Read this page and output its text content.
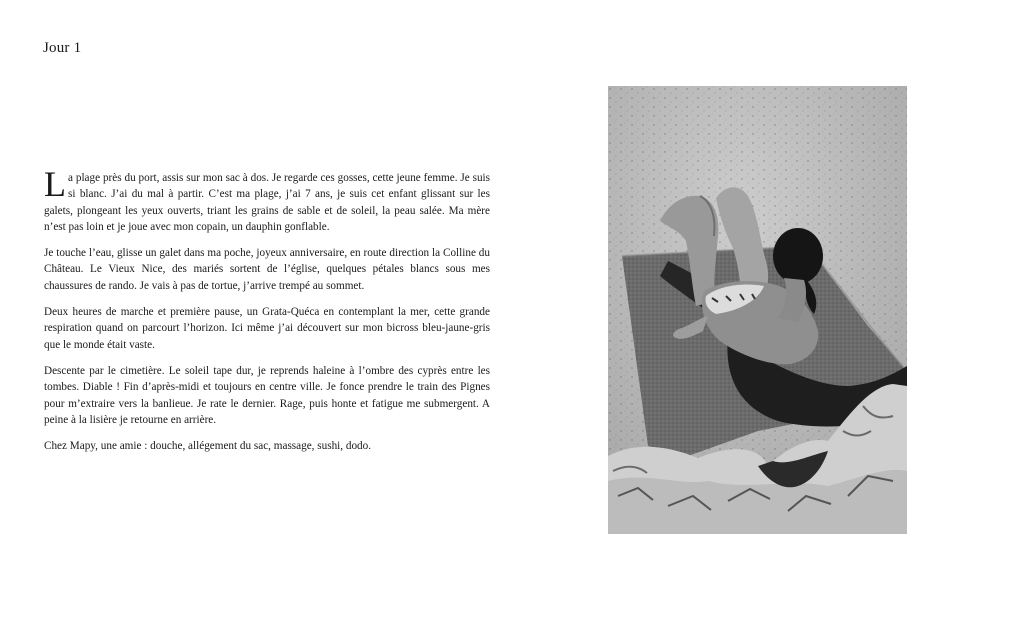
Jour 1

La plage près du port, assis sur mon sac à dos. Je regarde ces gosses, cette jeune femme. Je suis si blanc. J’ai du mal à partir. C’est ma plage, j’ai 7 ans, je suis cet enfant glissant sur les galets, plongeant les yeux ouverts, triant les grains de sable et de soleil, la peau salée. Ma mère n’est pas loin et je joue avec mon copain, un dauphin gonflable.

Je touche l’eau, glisse un galet dans ma poche, joyeux anniversaire, en route direction la Colline du Château. Le Vieux Nice, des mariés sortent de l’église, quelques pétales blancs sous mes chaussures de rando. Je vais à pas de tortue, j’arrive trempé au sommet.

Deux heures de marche et première pause, un Grata-Quéca en contemplant la mer, cette grande respiration quand on parcourt l’horizon. Ici même j’ai découvert sur mon bicross bleu-jaune-gris que le monde était vaste.

Descente par le cimetière. Le soleil tape dur, je reprends haleine à l’ombre des cyprès entre les tombes. Diable ! Fin d’après-midi et toujours en centre ville. Je fonce prendre le train des Pignes pour m’extraire vers la banlieue. Je rate le dernier. Rage, puis honte et fatigue me submergent. A peine à la lisière je retourne en arrière.

Chez Mapy, une amie : douche, allégement du sac, massage, sushi, dodo.
